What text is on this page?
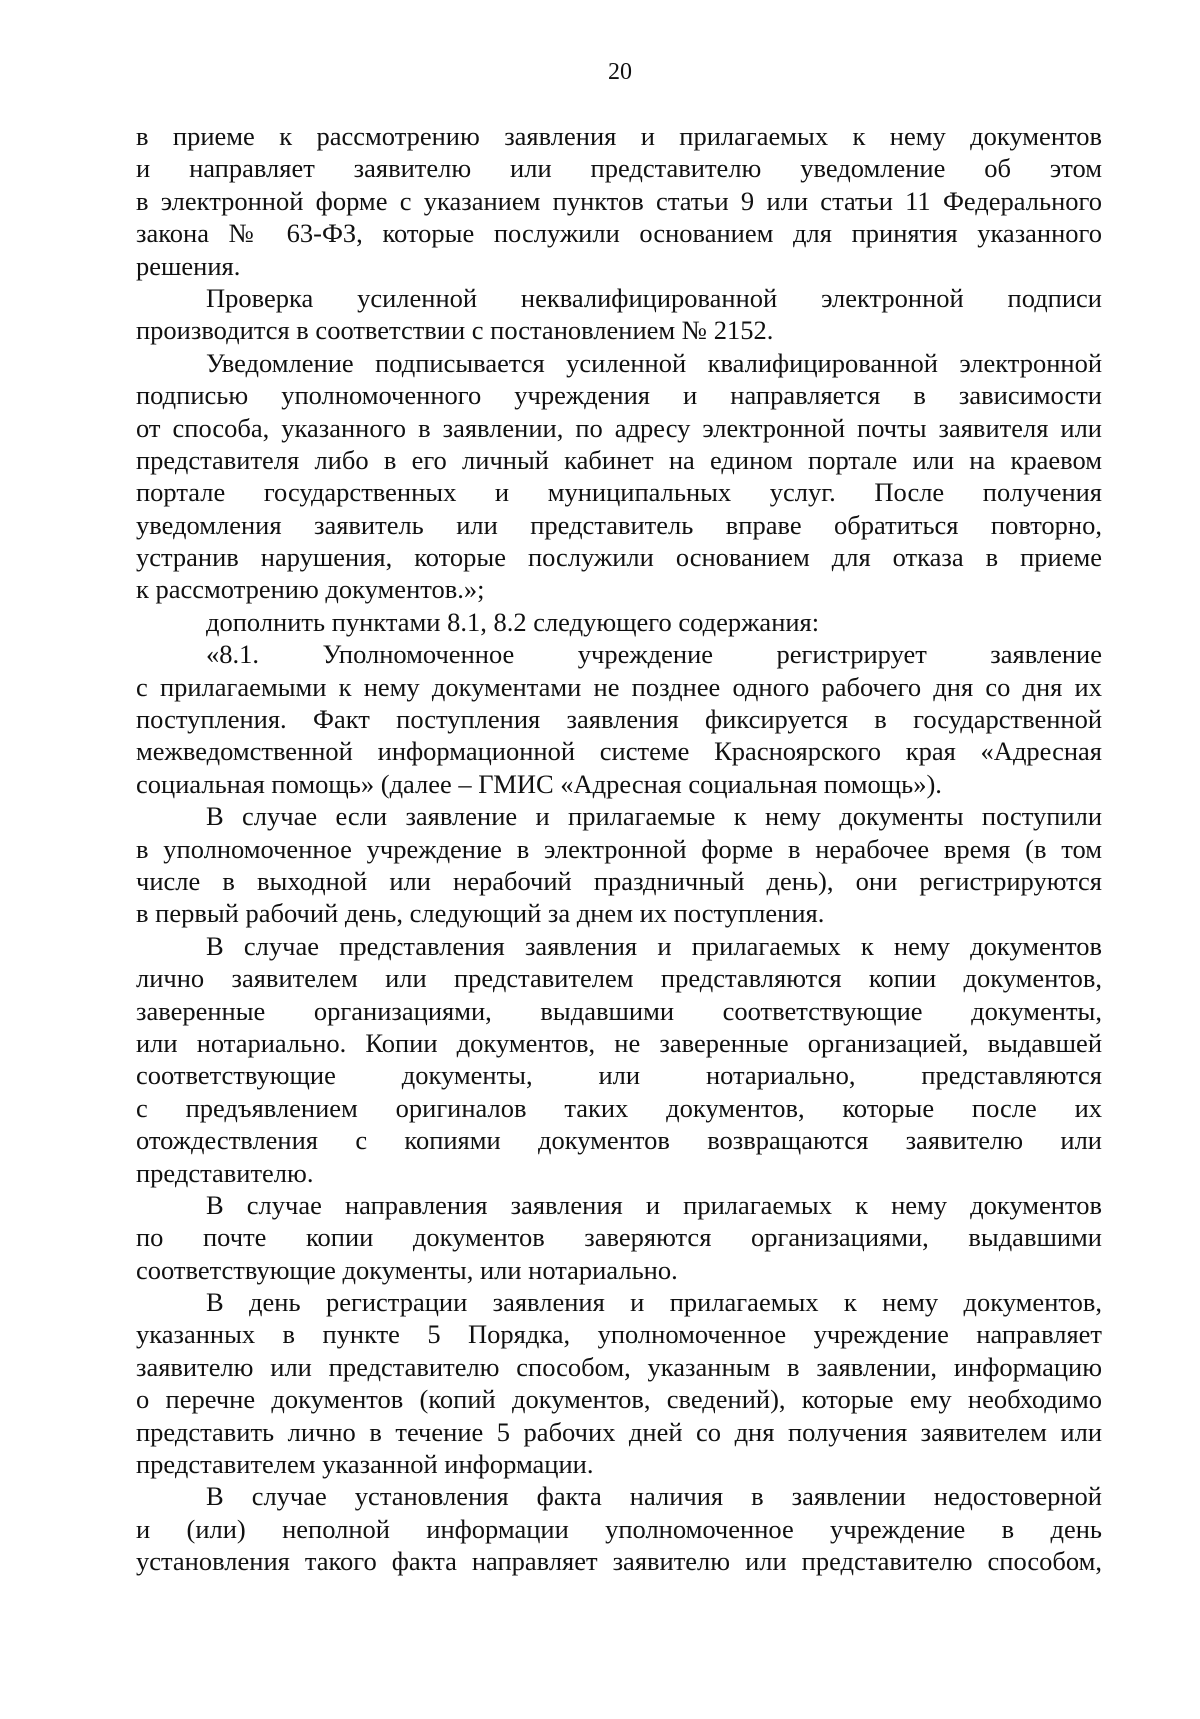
20
в приеме к рассмотрению заявления и прилагаемых к нему документов
и направляет заявителю или представителю уведомление об этом
в электронной форме с указанием пунктов статьи 9 или статьи 11 Федерального
закона № 63-ФЗ, которые послужили основанием для принятия указанного
решения.
Проверка усиленной неквалифицированной электронной подписи
производится в соответствии с постановлением № 2152.
Уведомление подписывается усиленной квалифицированной электронной
подписью уполномоченного учреждения и направляется в зависимости
от способа, указанного в заявлении, по адресу электронной почты заявителя или
представителя либо в его личный кабинет на едином портале или на краевом
портале государственных и муниципальных услуг. После получения
уведомления заявитель или представитель вправе обратиться повторно,
устранив нарушения, которые послужили основанием для отказа в приеме
к рассмотрению документов.»;
дополнить пунктами 8.1, 8.2 следующего содержания:
«8.1. Уполномоченное учреждение регистрирует заявление
с прилагаемыми к нему документами не позднее одного рабочего дня со дня их
поступления. Факт поступления заявления фиксируется в государственной
межведомственной информационной системе Красноярского края «Адресная
социальная помощь» (далее – ГМИС «Адресная социальная помощь»).
В случае если заявление и прилагаемые к нему документы поступили
в уполномоченное учреждение в электронной форме в нерабочее время (в том
числе в выходной или нерабочий праздничный день), они регистрируются
в первый рабочий день, следующий за днем их поступления.
В случае представления заявления и прилагаемых к нему документов
лично заявителем или представителем представляются копии документов,
заверенные организациями, выдавшими соответствующие документы,
или нотариально. Копии документов, не заверенные организацией, выдавшей
соответствующие документы, или нотариально, представляются
с предъявлением оригиналов таких документов, которые после их
отождествления с копиями документов возвращаются заявителю или
представителю.
В случае направления заявления и прилагаемых к нему документов
по почте копии документов заверяются организациями, выдавшими
соответствующие документы, или нотариально.
В день регистрации заявления и прилагаемых к нему документов,
указанных в пункте 5 Порядка, уполномоченное учреждение направляет
заявителю или представителю способом, указанным в заявлении, информацию
о перечне документов (копий документов, сведений), которые ему необходимо
представить лично в течение 5 рабочих дней со дня получения заявителем или
представителем указанной информации.
В случае установления факта наличия в заявлении недостоверной
и (или) неполной информации уполномоченное учреждение в день
установления такого факта направляет заявителю или представителю способом,
